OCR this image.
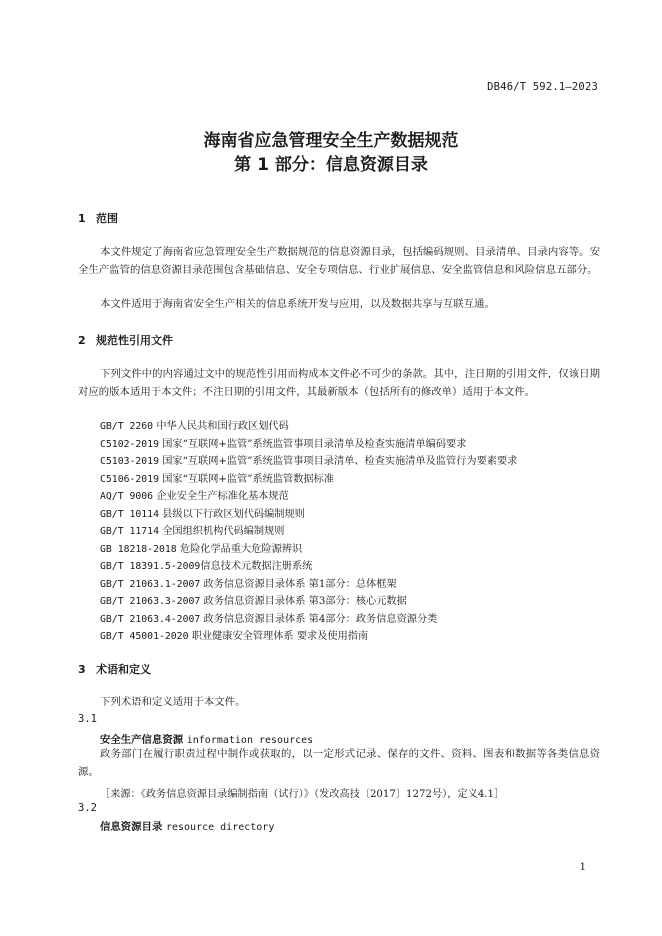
DB46/T 592.1—2023
海南省应急管理安全生产数据规范
第 1 部分：信息资源目录
1 范围
本文件规定了海南省应急管理安全生产数据规范的信息资源目录，包括编码规则、目录清单、目录内容等。安全生产监管的信息资源目录范围包含基础信息、安全专项信息、行业扩展信息、安全监管信息和风险信息五部分。
本文件适用于海南省安全生产相关的信息系统开发与应用，以及数据共享与互联互通。
2 规范性引用文件
下列文件中的内容通过文中的规范性引用而构成本文件必不可少的条款。其中，注日期的引用文件，仅该日期对应的版本适用于本文件；不注日期的引用文件，其最新版本（包括所有的修改单）适用于本文件。
GB/T 2260 中华人民共和国行政区划代码
C5102-2019 国家“互联网+监管”系统监管事项目录清单及检查实施清单编码要求
C5103-2019 国家“互联网+监管”系统监管事项目录清单、检查实施清单及监管行为要素要求
C5106-2019 国家“互联网+监管”系统监管数据标准
AQ/T 9006 企业安全生产标准化基本规范
GB/T 10114 县级以下行政区划代码编制规则
GB/T 11714 全国组织机构代码编制规则
GB 18218-2018 危险化学品重大危险源辨识
GB/T 18391.5-2009信息技术元数据注册系统
GB/T 21063.1-2007 政务信息资源目录体系 第1部分：总体框架
GB/T 21063.3-2007 政务信息资源目录体系 第3部分：核心元数据
GB/T 21063.4-2007 政务信息资源目录体系 第4部分：政务信息资源分类
GB/T 45001-2020 职业健康安全管理体系 要求及使用指南
3 术语和定义
下列术语和定义适用于本文件。
3.1
安全生产信息资源 information resources
政务部门在履行职责过程中制作或获取的，以一定形式记录、保存的文件、资料、图表和数据等各类信息资源。
［来源：《政务信息资源目录编制指南（试行）》（发改高技〔2017〕1272号），定义4.1］
3.2
信息资源目录 resource directory
1
